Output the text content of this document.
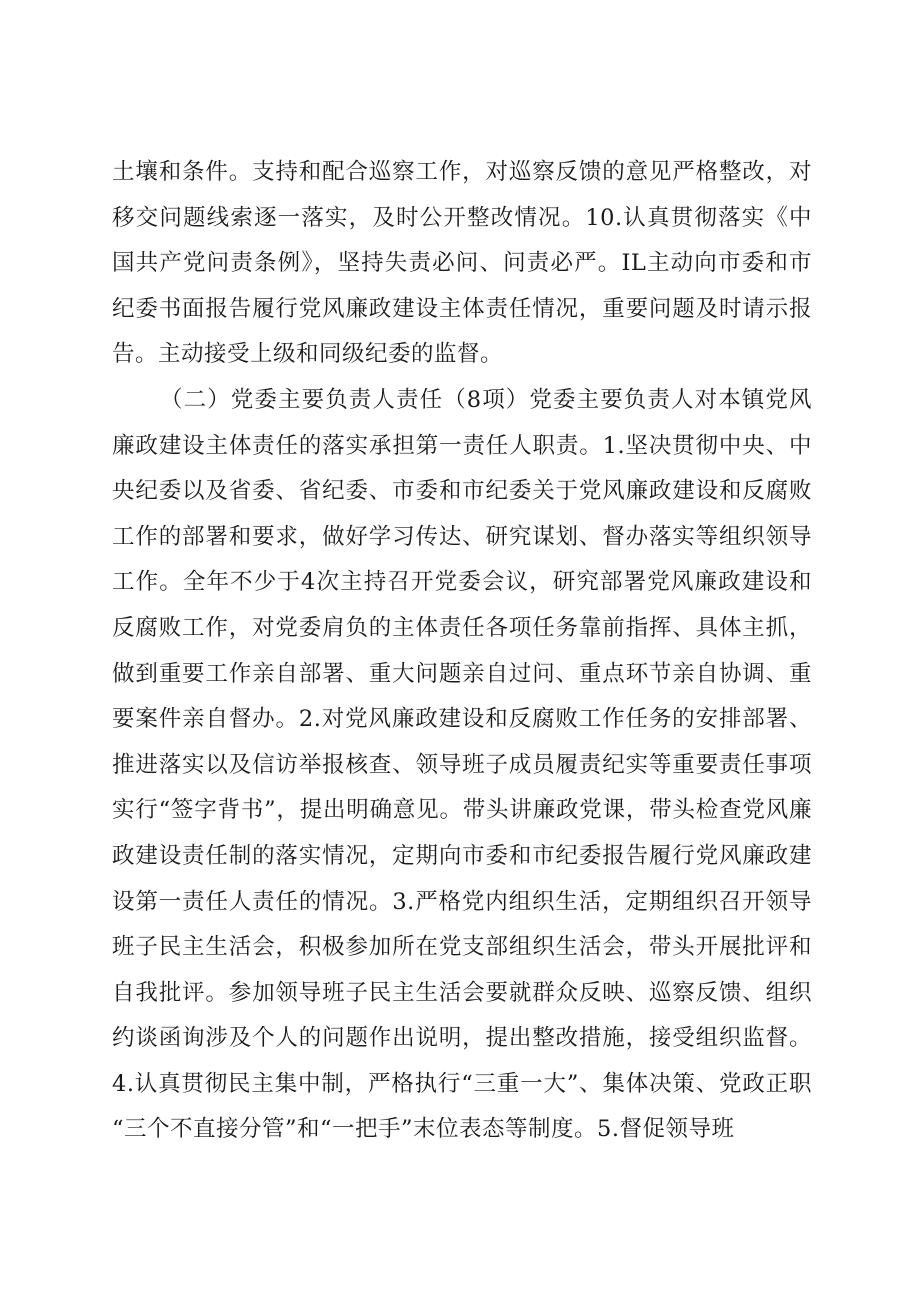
土壤和条件。支持和配合巡察工作，对巡察反馈的意见严格整改，对移交问题线索逐一落实，及时公开整改情况。10.认真贯彻落实《中国共产党问责条例》，坚持失责必问、问责必严。IL主动向市委和市纪委书面报告履行党风廉政建设主体责任情况，重要问题及时请示报告。主动接受上级和同级纪委的监督。

（二）党委主要负责人责任（8项）党委主要负责人对本镇党风廉政建设主体责任的落实承担第一责任人职责。1.坚决贯彻中央、中央纪委以及省委、省纪委、市委和市纪委关于党风廉政建设和反腐败工作的部署和要求，做好学习传达、研究谋划、督办落实等组织领导工作。全年不少于4次主持召开党委会议，研究部署党风廉政建设和反腐败工作，对党委肩负的主体责任各项任务靠前指挥、具体主抓，做到重要工作亲自部署、重大问题亲自过问、重点环节亲自协调、重要案件亲自督办。2.对党风廉政建设和反腐败工作任务的安排部署、推进落实以及信访举报核查、领导班子成员履责纪实等重要责任事项实行“签字背书”，提出明确意见。带头讲廉政党课，带头检查党风廉政建设责任制的落实情况，定期向市委和市纪委报告履行党风廉政建设第一责任人责任的情况。3.严格党内组织生活，定期组织召开领导班子民主生活会，积极参加所在党支部组织生活会，带头开展批评和自我批评。参加领导班子民主生活会要就群众反映、巡察反馈、组织约谈函询涉及个人的问题作出说明，提出整改措施，接受组织监督。4.认真贯彻民主集中制，严格执行“三重一大”、集体决策、党政正职“三个不直接分管”和“一把手”末位表态等制度。5.督促领导班
